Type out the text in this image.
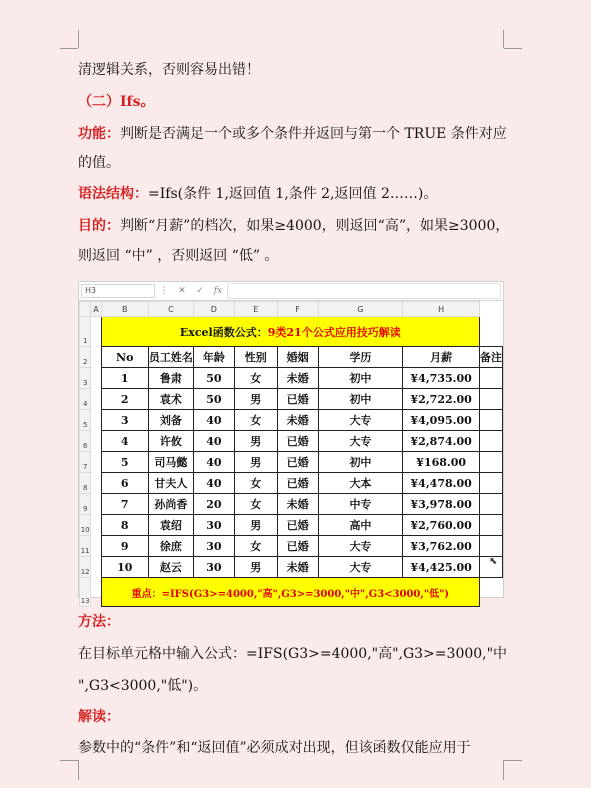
清逻辑关系，否则容易出错！
（二）Ifs。
功能：判断是否满足一个或多个条件并返回与第一个 TRUE 条件对应
的值。
语法结构：=Ifs(条件 1,返回值 1,条件 2,返回值 2……)。
目的：判断“月薪”的档次，如果≥4000，则返回“高”，如果≥3000，
则返回 “中” ，否则返回 “低” 。
H3	⋮	✕	✓	fx
	A	B	C	D	E	F	G	H	
1		Excel函数公式：9类21个公式应用技巧解读							
2		No	员工姓名	年龄	性别	婚姻	学历	月薪	备注
3		1	鲁肃	50	女	未婚	初中	¥4,735.00	
4		2	袁术	50	男	已婚	初中	¥2,722.00	
5		3	刘备	40	女	未婚	大专	¥4,095.00	
6		4	许攸	40	男	已婚	大专	¥2,874.00	
7		5	司马懿	40	男	已婚	初中	¥168.00	
8		6	甘夫人	40	女	已婚	大本	¥4,478.00	
9		7	孙尚香	20	女	未婚	中专	¥3,978.00	
10		8	袁绍	30	男	已婚	高中	¥2,760.00	
11		9	徐庶	30	女	已婚	大专	¥3,762.00	
12		10	赵云	30	男	未婚	大专	¥4,425.00	
13		重点：=IFS(G3>=4000,"高",G3>=3000,"中",G3<3000,"低")							
⬉
方法：
在目标单元格中输入公式：=IFS(G3>=4000,"高",G3>=3000,"中
",G3<3000,"低")。
解读：
参数中的“条件”和“返回值”必须成对出现，但该函数仅能应用于
